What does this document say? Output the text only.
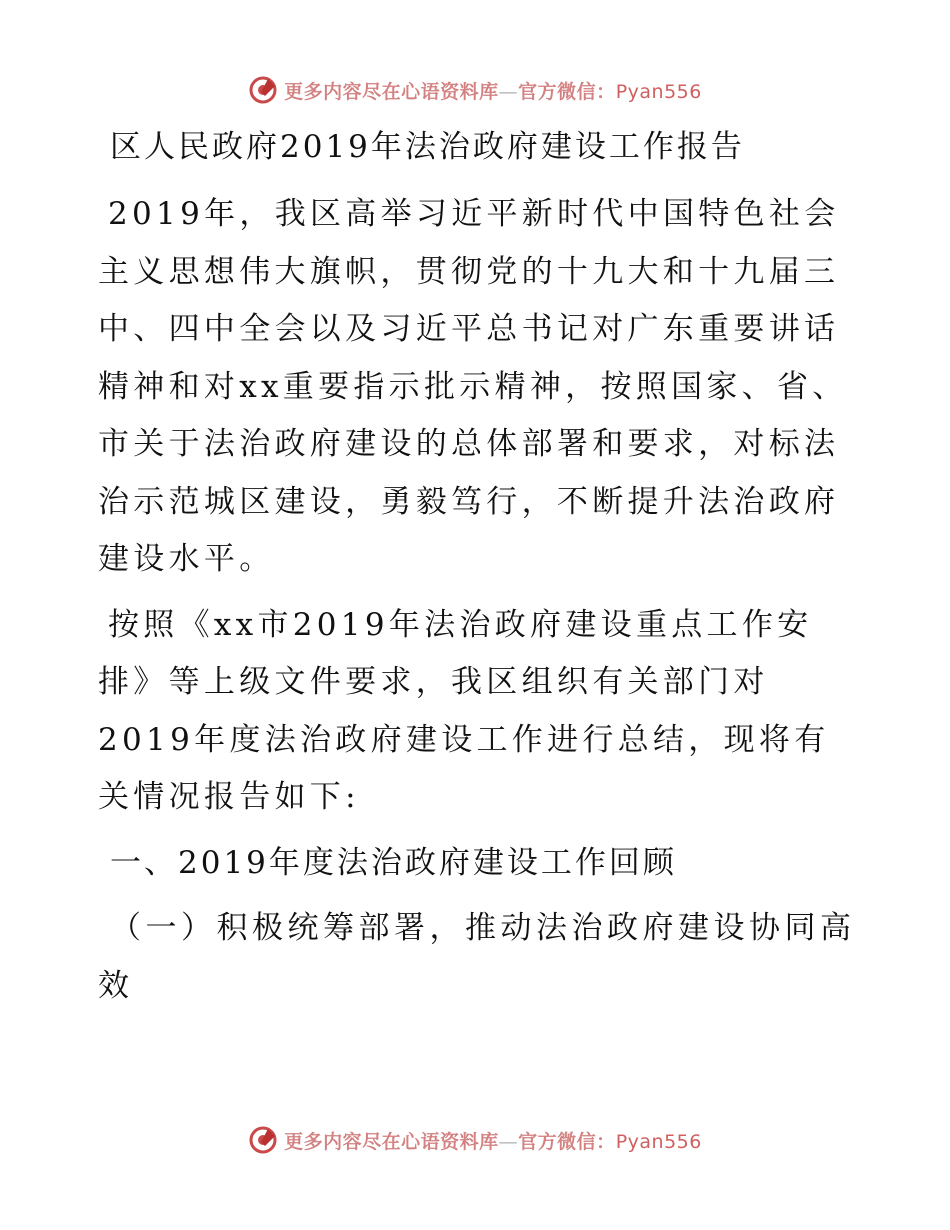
更多内容尽在心语资料库—官方微信：Pyan556
区人民政府2019年法治政府建设工作报告

2019年，我区高举习近平新时代中国特色社会主义思想伟大旗帜，贯彻党的十九大和十九届三中、四中全会以及习近平总书记对广东重要讲话精神和对xx重要指示批示精神，按照国家、省、市关于法治政府建设的总体部署和要求，对标法治示范城区建设，勇毅笃行，不断提升法治政府建设水平。

按照《xx市2019年法治政府建设重点工作安排》等上级文件要求，我区组织有关部门对2019年度法治政府建设工作进行总结，现将有关情况报告如下:

一、2019年度法治政府建设工作回顾

（一）积极统筹部署，推动法治政府建设协同高效

更多内容尽在心语资料库—官方微信：Pyan556
